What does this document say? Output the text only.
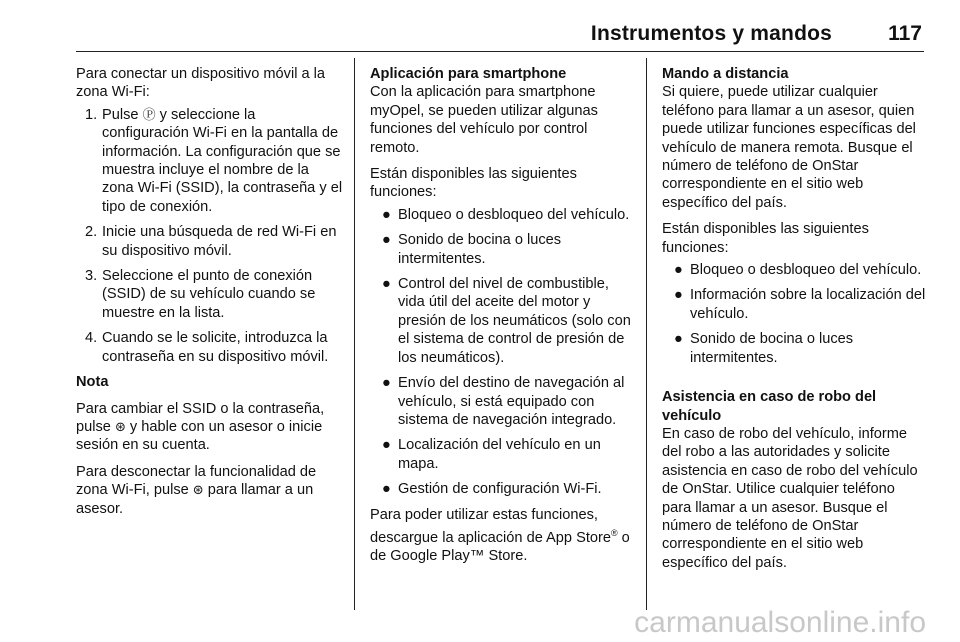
Instrumentos y mandos	117

Para conectar un dispositivo móvil a la zona Wi-Fi:

1. Pulse Ⓟ y seleccione la configuración Wi-Fi en la pantalla de información. La configuración que se muestra incluye el nombre de la zona Wi-Fi (SSID), la contraseña y el tipo de conexión.
2. Inicie una búsqueda de red Wi-Fi en su dispositivo móvil.
3. Seleccione el punto de conexión (SSID) de su vehículo cuando se muestre en la lista.
4. Cuando se le solicite, introduzca la contraseña en su dispositivo móvil.

Nota

Para cambiar el SSID o la contraseña, pulse ⊛ y hable con un asesor o inicie sesión en su cuenta.

Para desconectar la funcionalidad de zona Wi-Fi, pulse ⊛ para llamar a un asesor.

Aplicación para smartphone

Con la aplicación para smartphone myOpel, se pueden utilizar algunas funciones del vehículo por control remoto.

Están disponibles las siguientes funciones:

● Bloqueo o desbloqueo del vehículo.
● Sonido de bocina o luces intermitentes.
● Control del nivel de combustible, vida útil del aceite del motor y presión de los neumáticos (solo con el sistema de control de presión de los neumáticos).
● Envío del destino de navegación al vehículo, si está equipado con sistema de navegación integrado.
● Localización del vehículo en un mapa.
● Gestión de configuración Wi-Fi.

Para poder utilizar estas funciones, descargue la aplicación de App Store® o de Google Play™ Store.

Mando a distancia

Si quiere, puede utilizar cualquier teléfono para llamar a un asesor, quien puede utilizar funciones específicas del vehículo de manera remota. Busque el número de teléfono de OnStar correspondiente en el sitio web específico del país.

Están disponibles las siguientes funciones:

● Bloqueo o desbloqueo del vehículo.
● Información sobre la localización del vehículo.
● Sonido de bocina o luces intermitentes.

Asistencia en caso de robo del vehículo

En caso de robo del vehículo, informe del robo a las autoridades y solicite asistencia en caso de robo del vehículo de OnStar. Utilice cualquier teléfono para llamar a un asesor. Busque el número de teléfono de OnStar correspondiente en el sitio web específico del país.

carmanualsonline.info
